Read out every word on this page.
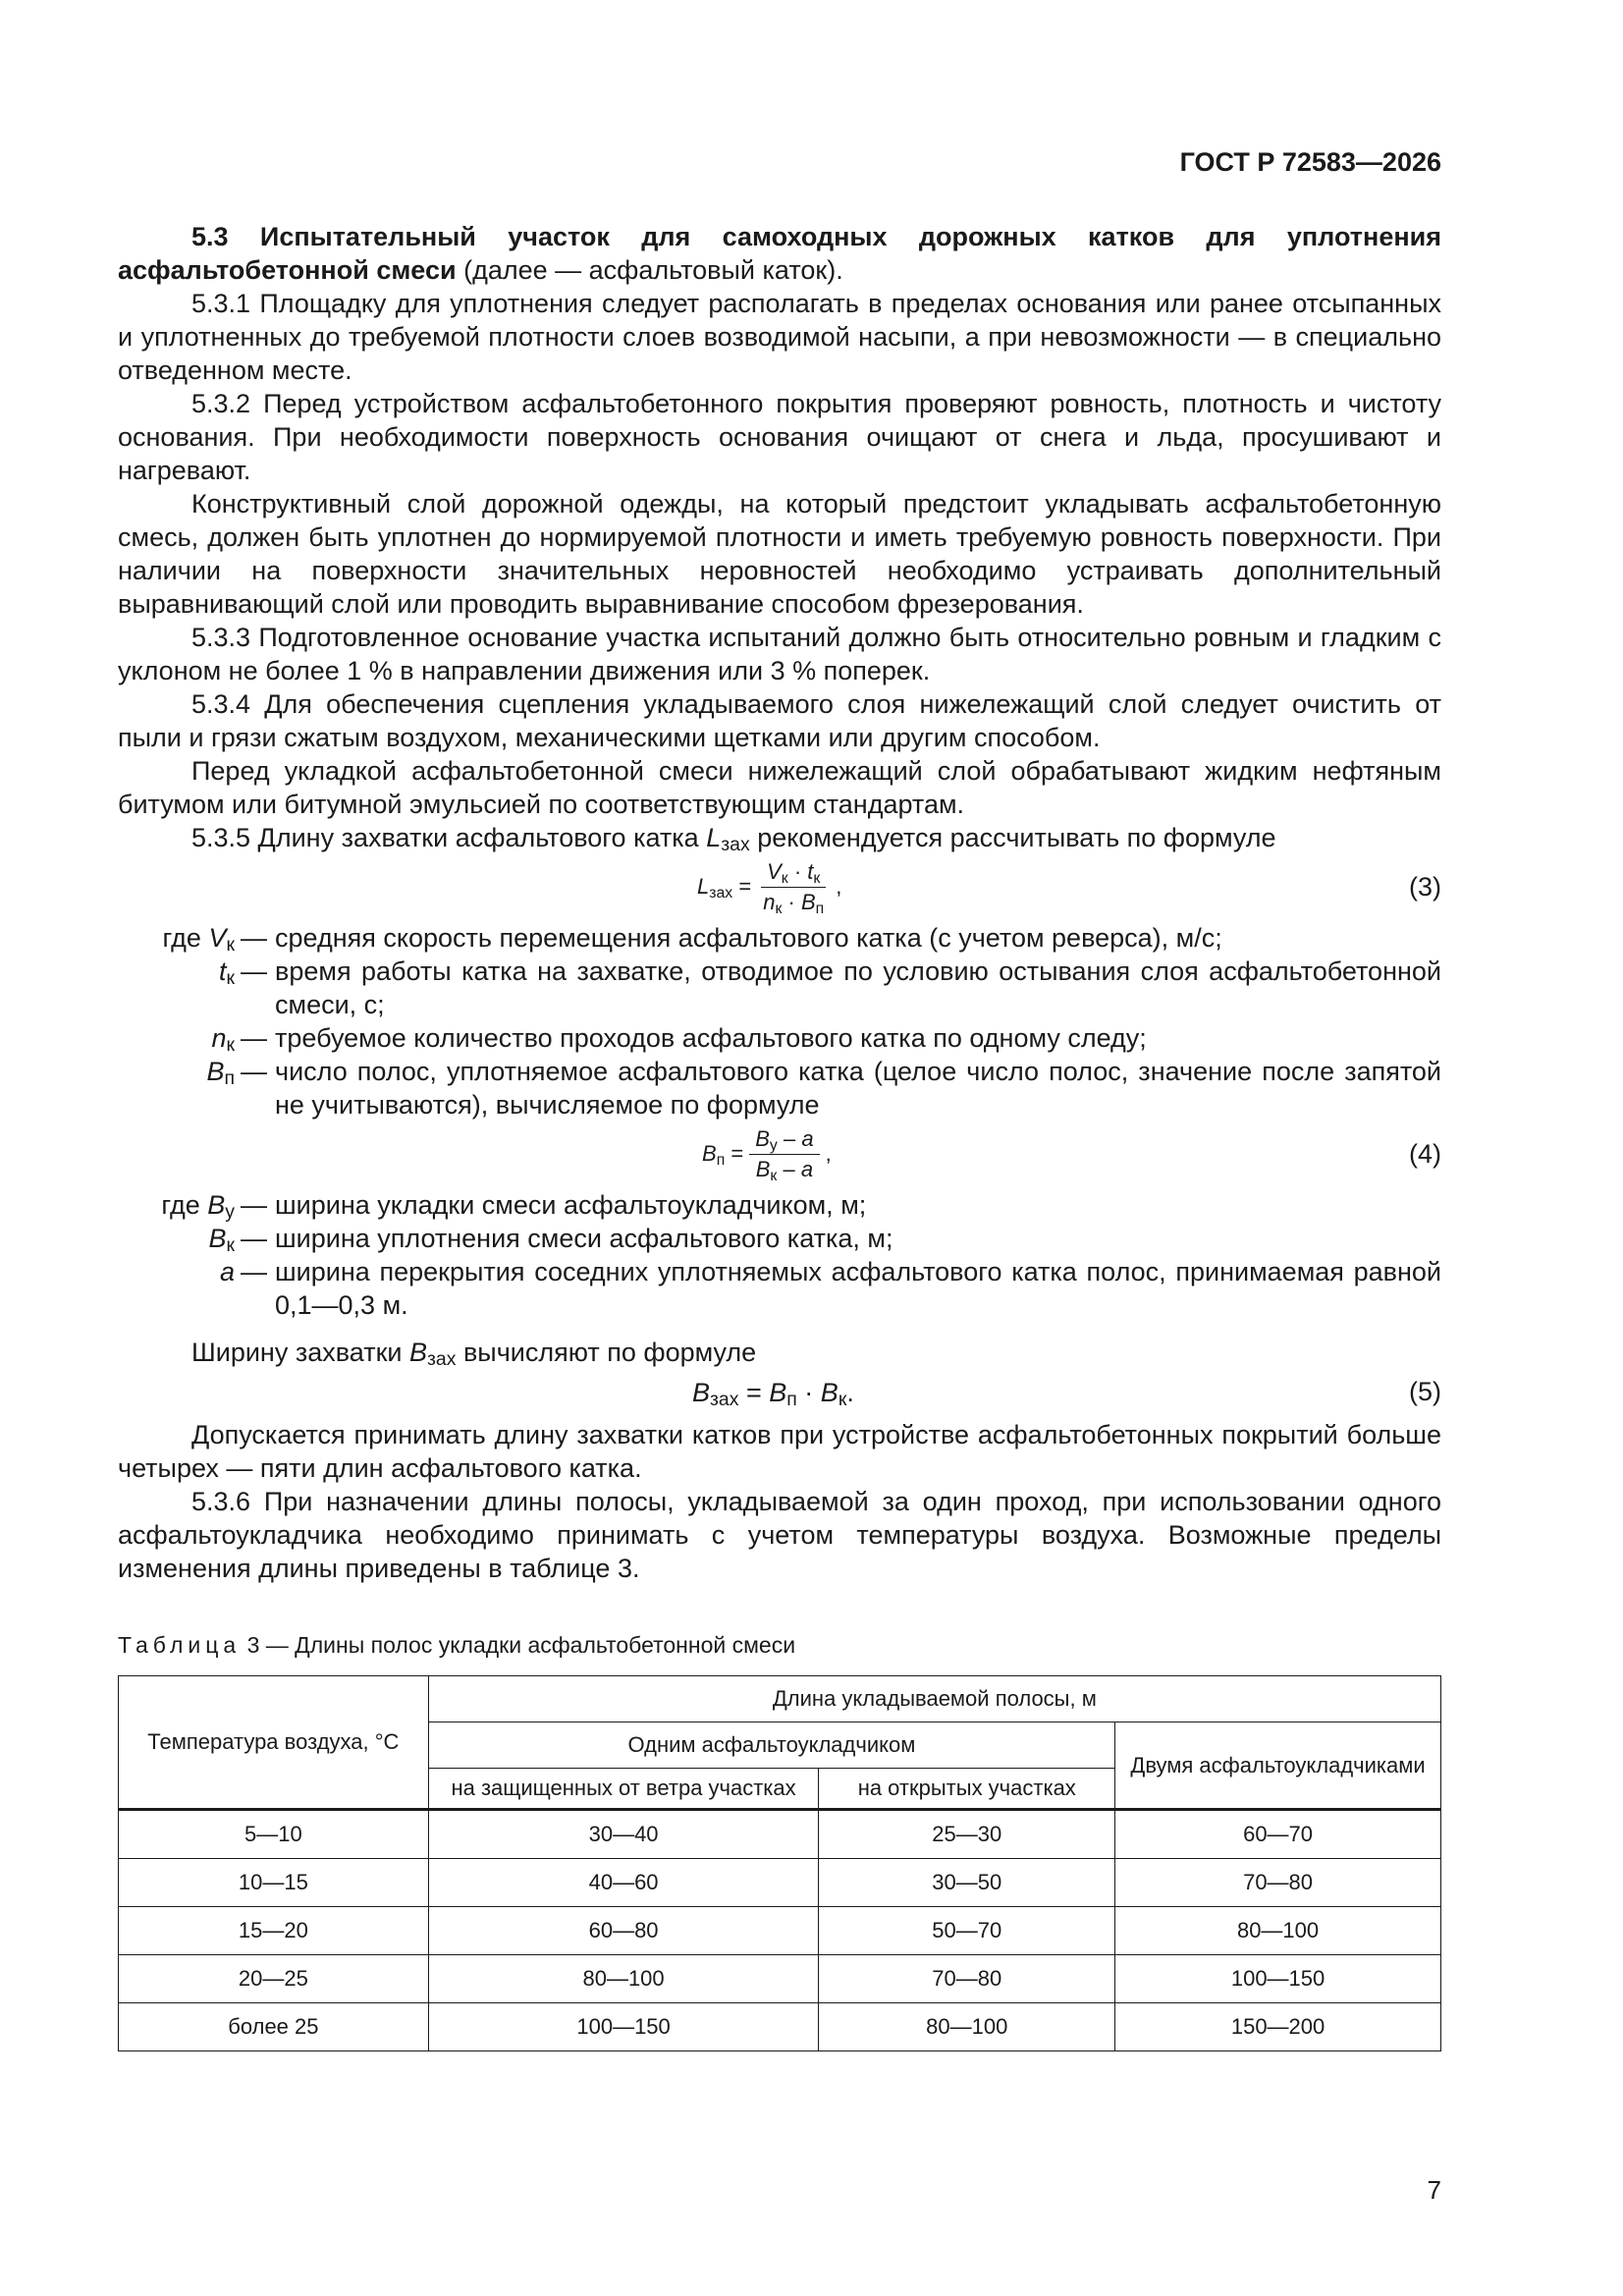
ГОСТ Р 72583—2026

5.3 Испытательный участок для самоходных дорожных катков для уплотнения асфальтобетонной смеси (далее — асфальтовый каток).

5.3.1 Площадку для уплотнения следует располагать в пределах основания или ранее отсыпанных и уплотненных до требуемой плотности слоев возводимой насыпи, а при невозможности — в специально отведенном месте.

5.3.2 Перед устройством асфальтобетонного покрытия проверяют ровность, плотность и чистоту основания. При необходимости поверхность основания очищают от снега и льда, просушивают и нагревают.

Конструктивный слой дорожной одежды, на который предстоит укладывать асфальтобетонную смесь, должен быть уплотнен до нормируемой плотности и иметь требуемую ровность поверхности. При наличии на поверхности значительных неровностей необходимо устраивать дополнительный выравнивающий слой или проводить выравнивание способом фрезерования.

5.3.3 Подготовленное основание участка испытаний должно быть относительно ровным и гладким с уклоном не более 1 % в направлении движения или 3 % поперек.

5.3.4 Для обеспечения сцепления укладываемого слоя нижележащий слой следует очистить от пыли и грязи сжатым воздухом, механическими щетками или другим способом.

Перед укладкой асфальтобетонной смеси нижележащий слой обрабатывают жидким нефтяным битумом или битумной эмульсией по соответствующим стандартам.

5.3.5 Длину захватки асфальтового катка $L_{зах}$ рекомендуется рассчитывать по формуле

$L_{зах} = \frac{V_к \cdot t_к}{n_к \cdot B_п}$ ,	(3)
где $V_к$ — средняя скорость перемещения асфальтового катка (с учетом реверса), м/с;
$t_к$ — время работы катка на захватке, отводимое по условию остывания слоя асфальтобетонной смеси, с;
$n_к$ — требуемое количество проходов асфальтового катка по одному следу;
$B_п$ — число полос, уплотняемое асфальтового катка (целое число полос, значение после запятой не учитываются), вычисляемое по формуле
$B_п = \frac{B_у - a}{B_к - a}$ ,	(4)
где $B_у$ — ширина укладки смеси асфальтоукладчиком, м;
$B_к$ — ширина уплотнения смеси асфальтового катка, м;
a — ширина перекрытия соседних уплотняемых асфальтового катка полос, принимаемая равной 0,1—0,3 м.

Ширину захватки $B_{зах}$ вычисляют по формуле

$B_{зах} = B_п \cdot B_к$.	(5)

Допускается принимать длину захватки катков при устройстве асфальтобетонных покрытий больше четырех — пяти длин асфальтового катка.

5.3.6 При назначении длины полосы, укладываемой за один проход, при использовании одного асфальтоукладчика необходимо принимать с учетом температуры воздуха. Возможные пределы изменения длины приведены в таблице 3.

Таблица 3 — Длины полос укладки асфальтобетонной смеси
Температура воздуха, °С	Длина укладываемой полосы, м		
	Одним асфальтоукладчиком		Двумя асфальтоукладчиками
	на защищенных от ветра участках	на открытых участках	
5—10	30—40	25—30	60—70
10—15	40—60	30—50	70—80
15—20	60—80	50—70	80—100
20—25	80—100	70—80	100—150
более 25	100—150	80—100	150—200
7
